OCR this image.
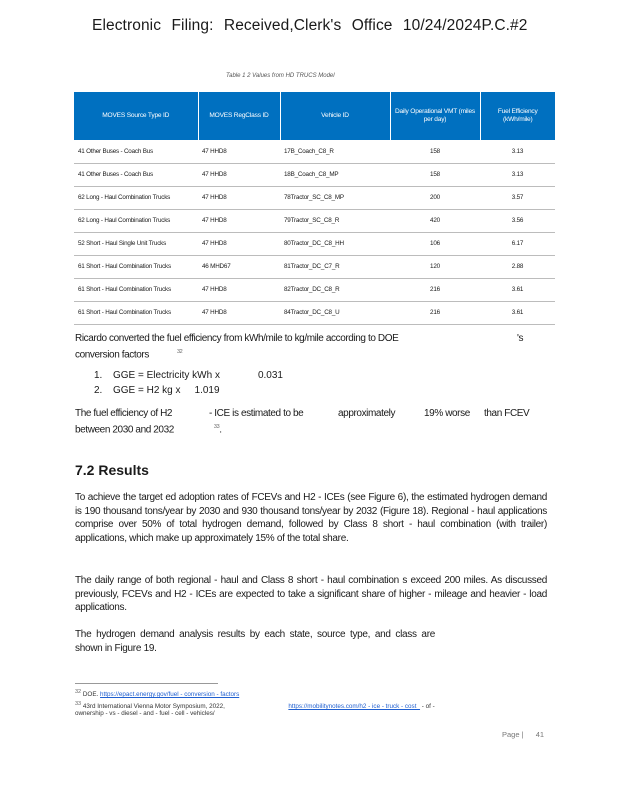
Electronic Filing: Received,Clerk's Office 10/24/2024P.C.#2
Table 1 2 Values from HD TRUCS Model
MOVES Source Type ID	MOVES RegClass ID	Vehicle ID	Daily Operational VMT (miles per day)	Fuel Efficiency (kWh/mile)
41 Other Buses - Coach Bus	47 HHD8	17B_Coach_C8_R	158	3.13
41 Other Buses - Coach Bus	47 HHD8	18B_Coach_C8_MP	158	3.13
62 Long - Haul Combination Trucks	47 HHD8	78Tractor_SC_C8_MP	200	3.57
62 Long - Haul Combination Trucks	47 HHD8	79Tractor_SC_C8_R	420	3.56
52 Short - Haul Single Unit Trucks	47 HHD8	80Tractor_DC_C8_HH	106	6.17
61 Short - Haul Combination Trucks	46 MHD67	81Tractor_DC_C7_R	120	2.88
61 Short - Haul Combination Trucks	47 HHD8	82Tractor_DC_C8_R	216	3.61
61 Short - Haul Combination Trucks	47 HHD8	84Tractor_DC_C8_U	216	3.61
Ricardo converted the fuel efficiency from kWh/mile to kg/mile according to DOE	's
conversion factors	$^{32}$
1. GGE = Electricity kWh x	0.031
2. GGE = H2 kg x 1.019
The fuel efficiency of H2	- ICE is estimated to be	approximately	19% worse than FCEV
between 2030 and 2032	$^{33}$.
7.2 Results
To achieve the target ed adoption rates of FCEVs and H2 - ICEs (see Figure 6), the estimated hydrogen demand is 190 thousand tons/year by 2030 and 930 thousand tons/year by 2032 (Figure 18). Regional - haul applications comprise over 50% of total hydrogen demand, followed by Class 8 short - haul combination (with trailer) applications, which make up approximately 15% of the total share.
The daily range of both regional - haul and Class 8 short - haul combination s exceed 200 miles. As discussed previously, FCEVs and H2 - ICEs are expected to take a significant share of higher - mileage and heavier - load applications.
The hydrogen demand analysis results by each state, source type, and class are shown in Figure 19.
$^{32}$ DOE. https://epact.energy.gov/fuel - conversion - factors
$^{33}$ 43rd International Vienna Motor Symposium, 2022,	https://mobilitynotes.com/h2 - ice - truck - cost_ - of -
ownership - vs - diesel - and - fuel - cell - vehicles/
Page | 41
